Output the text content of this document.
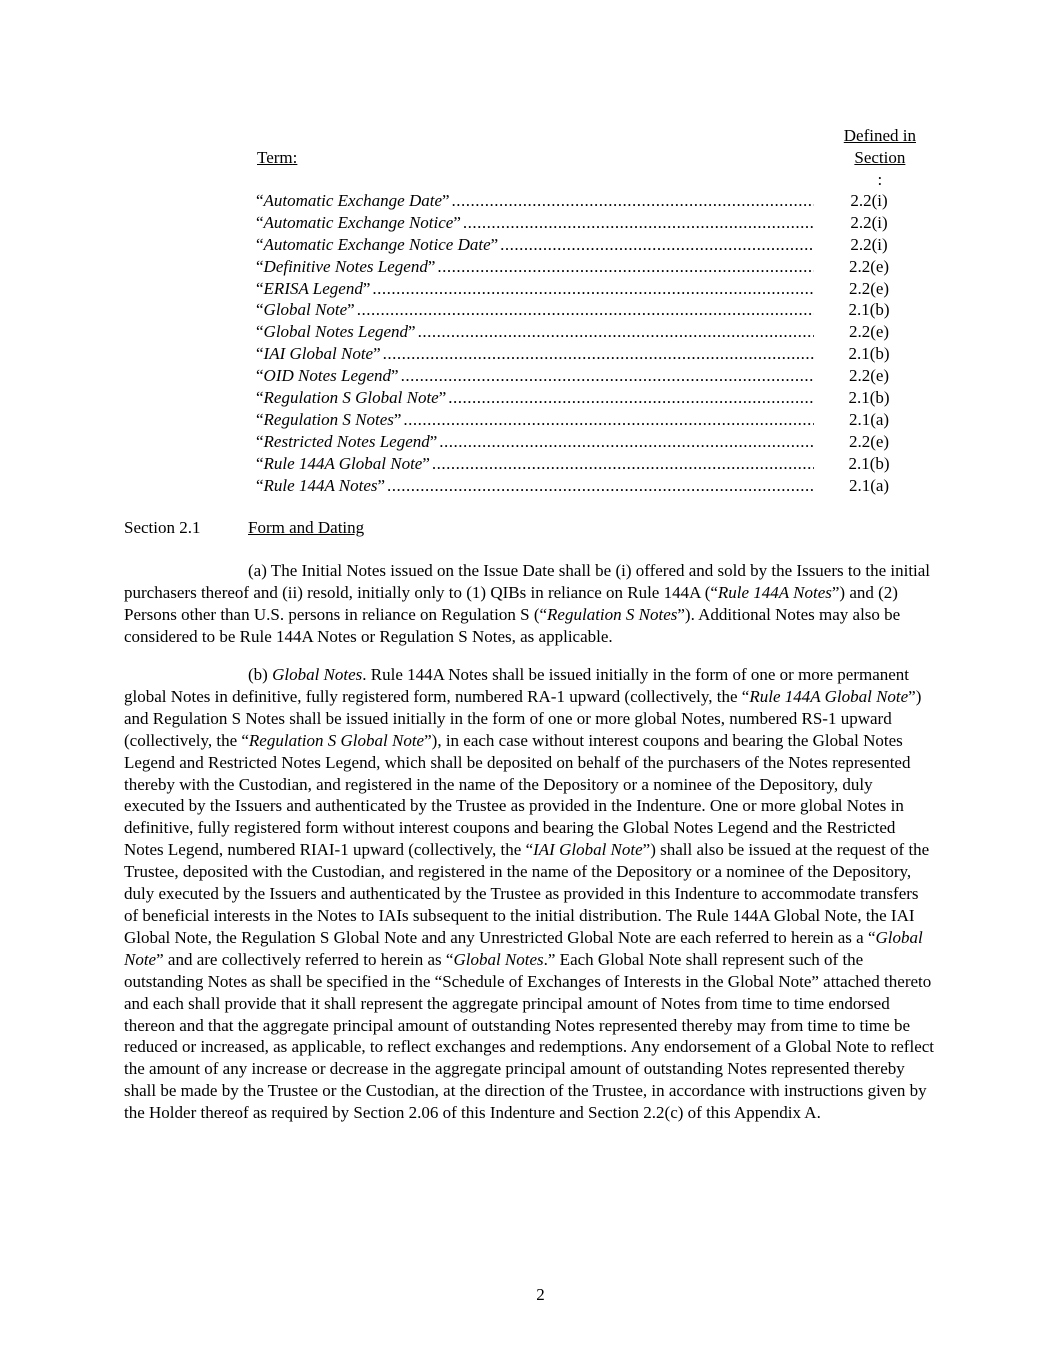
Term:
Defined in
Section
:
“ Automatic Exchange Date ” .....	2.2(i)
“ Automatic Exchange Notice ” .....	2.2(i)
“ Automatic Exchange Notice Date ” .....	2.2(i)
“ Definitive Notes Legend ” .....	2.2(e)
“ ERISA Legend ” .....	2.2(e)
“ Global Note ” .....	2.1(b)
“ Global Notes Legend ” .....	2.2(e)
“ IAI Global Note ” .....	2.1(b)
“ OID Notes Legend ” .....	2.2(e)
“ Regulation S Global Note ” .....	2.1(b)
“ Regulation S Notes ” .....	2.1(a)
“ Restricted Notes Legend ” .....	2.2(e)
“ Rule 144A Global Note ” .....	2.1(b)
“ Rule 144A Notes ” .....	2.1(a)
Section 2.1	Form and Dating

(a) The Initial Notes issued on the Issue Date shall be (i) offered and sold by the Issuers to the initial purchasers thereof and (ii) resold, initially only to (1) QIBs in reliance on Rule 144A (“Rule 144A Notes”) and (2) Persons other than U.S. persons in reliance on Regulation S (“Regulation S Notes”). Additional Notes may also be considered to be Rule 144A Notes or Regulation S Notes, as applicable.

(b) Global Notes. Rule 144A Notes shall be issued initially in the form of one or more permanent global Notes in definitive, fully registered form, numbered RA-1 upward (collectively, the “Rule 144A Global Note”) and Regulation S Notes shall be issued initially in the form of one or more global Notes, numbered RS-1 upward (collectively, the “Regulation S Global Note”), in each case without interest coupons and bearing the Global Notes Legend and Restricted Notes Legend, which shall be deposited on behalf of the purchasers of the Notes represented thereby with the Custodian, and registered in the name of the Depository or a nominee of the Depository, duly executed by the Issuers and authenticated by the Trustee as provided in the Indenture. One or more global Notes in definitive, fully registered form without interest coupons and bearing the Global Notes Legend and the Restricted Notes Legend, numbered RIAI-1 upward (collectively, the “IAI Global Note”) shall also be issued at the request of the Trustee, deposited with the Custodian, and registered in the name of the Depository or a nominee of the Depository, duly executed by the Issuers and authenticated by the Trustee as provided in this Indenture to accommodate transfers of beneficial interests in the Notes to IAIs subsequent to the initial distribution. The Rule 144A Global Note, the IAI Global Note, the Regulation S Global Note and any Unrestricted Global Note are each referred to herein as a “Global Note” and are collectively referred to herein as “Global Notes.” Each Global Note shall represent such of the outstanding Notes as shall be specified in the “Schedule of Exchanges of Interests in the Global Note” attached thereto and each shall provide that it shall represent the aggregate principal amount of Notes from time to time endorsed thereon and that the aggregate principal amount of outstanding Notes represented thereby may from time to time be reduced or increased, as applicable, to reflect exchanges and redemptions. Any endorsement of a Global Note to reflect the amount of any increase or decrease in the aggregate principal amount of outstanding Notes represented thereby shall be made by the Trustee or the Custodian, at the direction of the Trustee, in accordance with instructions given by the Holder thereof as required by Section 2.06 of this Indenture and Section 2.2(c) of this Appendix A.

2
